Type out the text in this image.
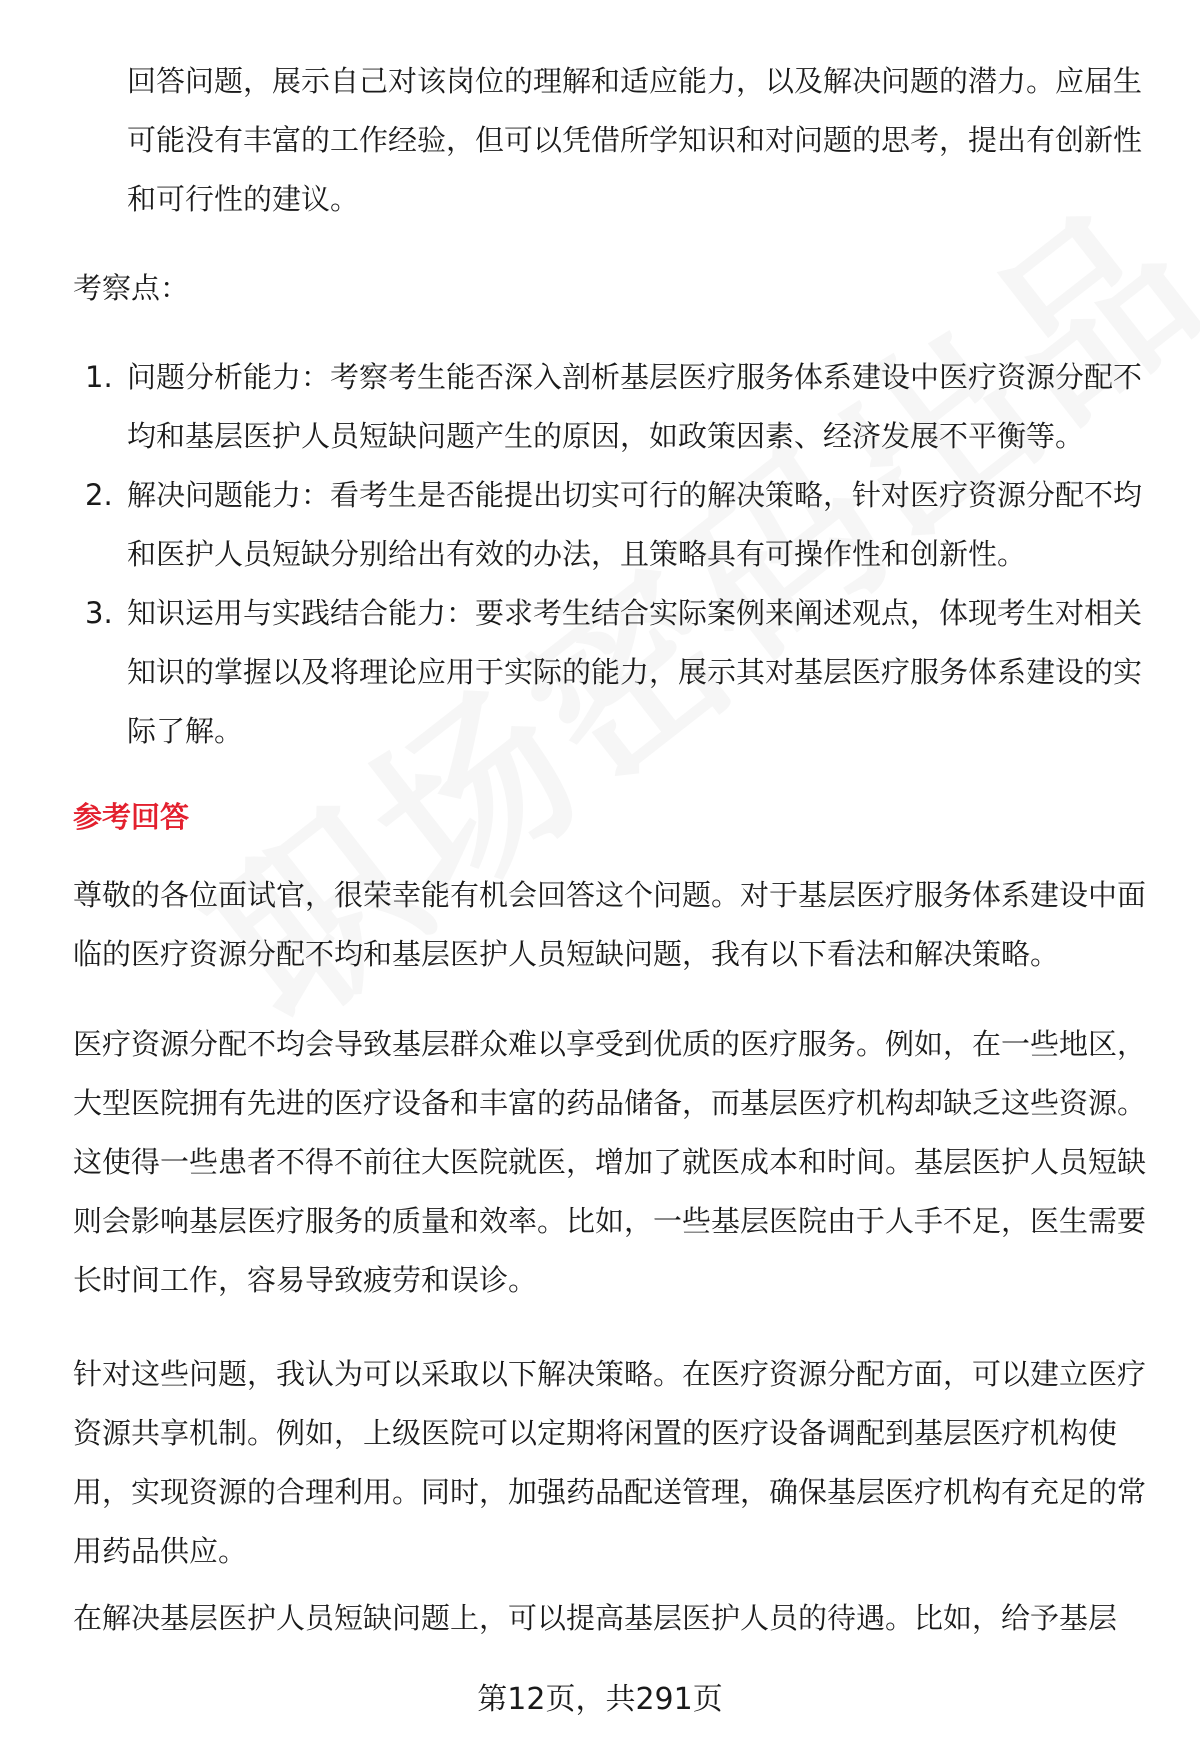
回答问题，展示自己对该岗位的理解和适应能力，以及解决问题的潜力。应届生可能没有丰富的工作经验，但可以凭借所学知识和对问题的思考，提出有创新性和可行性的建议。

考察点：

1. 问题分析能力：考察考生能否深入剖析基层医疗服务体系建设中医疗资源分配不均和基层医护人员短缺问题产生的原因，如政策因素、经济发展不平衡等。
2. 解决问题能力：看考生是否能提出切实可行的解决策略，针对医疗资源分配不均和医护人员短缺分别给出有效的办法，且策略具有可操作性和创新性。
3. 知识运用与实践结合能力：要求考生结合实际案例来阐述观点，体现考生对相关知识的掌握以及将理论应用于实际的能力，展示其对基层医疗服务体系建设的实际了解。
参考回答

尊敬的各位面试官，很荣幸能有机会回答这个问题。对于基层医疗服务体系建设中面临的医疗资源分配不均和基层医护人员短缺问题，我有以下看法和解决策略。

医疗资源分配不均会导致基层群众难以享受到优质的医疗服务。例如，在一些地区，大型医院拥有先进的医疗设备和丰富的药品储备，而基层医疗机构却缺乏这些资源。这使得一些患者不得不前往大医院就医，增加了就医成本和时间。基层医护人员短缺则会影响基层医疗服务的质量和效率。比如，一些基层医院由于人手不足，医生需要长时间工作，容易导致疲劳和误诊。

针对这些问题，我认为可以采取以下解决策略。在医疗资源分配方面，可以建立医疗资源共享机制。例如，上级医院可以定期将闲置的医疗设备调配到基层医疗机构使用，实现资源的合理利用。同时，加强药品配送管理，确保基层医疗机构有充足的常用药品供应。

在解决基层医护人员短缺问题上，可以提高基层医护人员的待遇。比如，给予基层

第12页，共291页
